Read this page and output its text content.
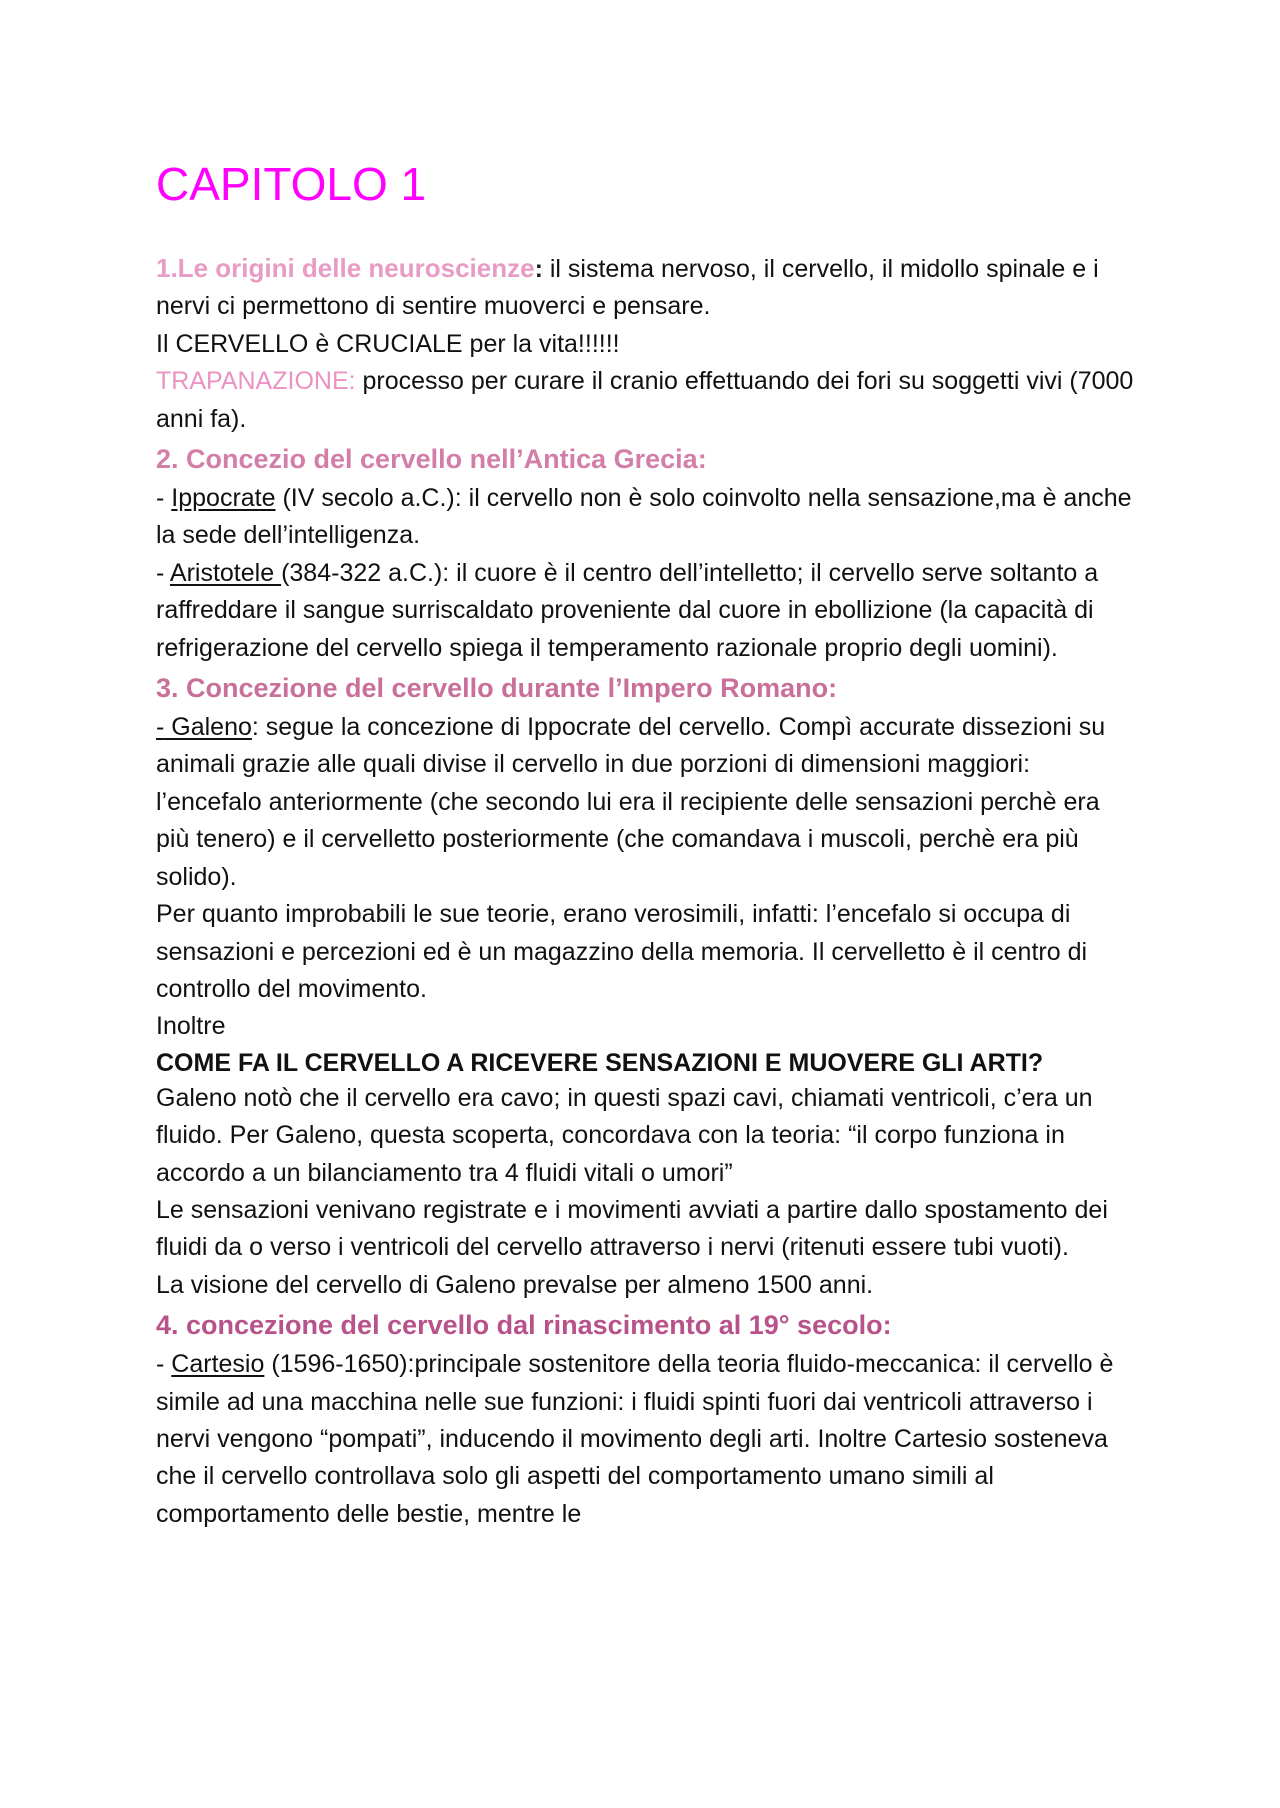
CAPITOLO 1

1.Le origini delle neuroscienze: il sistema nervoso, il cervello, il midollo spinale e i nervi ci permettono di sentire muoverci e pensare.

Il CERVELLO è CRUCIALE per la vita!!!!!!

TRAPANAZIONE: processo per curare il cranio effettuando dei fori su soggetti vivi (7000 anni fa).

2. Concezio del cervello nell’Antica Grecia:

- Ippocrate (IV secolo a.C.): il cervello non è solo coinvolto nella sensazione,ma è anche la sede dell’intelligenza.

- Aristotele (384-322 a.C.): il cuore è il centro dell’intelletto; il cervello serve soltanto a raffreddare il sangue surriscaldato proveniente dal cuore in ebollizione (la capacità di refrigerazione del cervello spiega il temperamento razionale proprio degli uomini).

3. Concezione del cervello durante l’Impero Romano:

- Galeno: segue la concezione di Ippocrate del cervello. Compì accurate dissezioni su animali grazie alle quali divise il cervello in due porzioni di dimensioni maggiori: l’encefalo anteriormente (che secondo lui era il recipiente delle sensazioni perchè era più tenero) e il cervelletto posteriormente (che comandava i muscoli, perchè era più solido).

Per quanto improbabili le sue teorie, erano verosimili, infatti: l’encefalo si occupa di sensazioni e percezioni ed è un magazzino della memoria. Il cervelletto è il centro di controllo del movimento.

Inoltre

COME FA IL CERVELLO A RICEVERE SENSAZIONI E MUOVERE GLI ARTI?

Galeno notò che il cervello era cavo; in questi spazi cavi, chiamati ventricoli, c’era un fluido. Per Galeno, questa scoperta, concordava con la teoria: “il corpo funziona in accordo a un bilanciamento tra 4 fluidi vitali o umori”

Le sensazioni venivano registrate e i movimenti avviati a partire dallo spostamento dei fluidi da o verso i ventricoli del cervello attraverso i nervi (ritenuti essere tubi vuoti).

La visione del cervello di Galeno prevalse per almeno 1500 anni.

4. concezione del cervello dal rinascimento al 19° secolo:

- Cartesio (1596-1650):principale sostenitore della teoria fluido-meccanica: il cervello è simile ad una macchina nelle sue funzioni: i fluidi spinti fuori dai ventricoli attraverso i nervi vengono “pompati”, inducendo il movimento degli arti. Inoltre Cartesio sosteneva che il cervello controllava solo gli aspetti del comportamento umano simili al comportamento delle bestie, mentre le
